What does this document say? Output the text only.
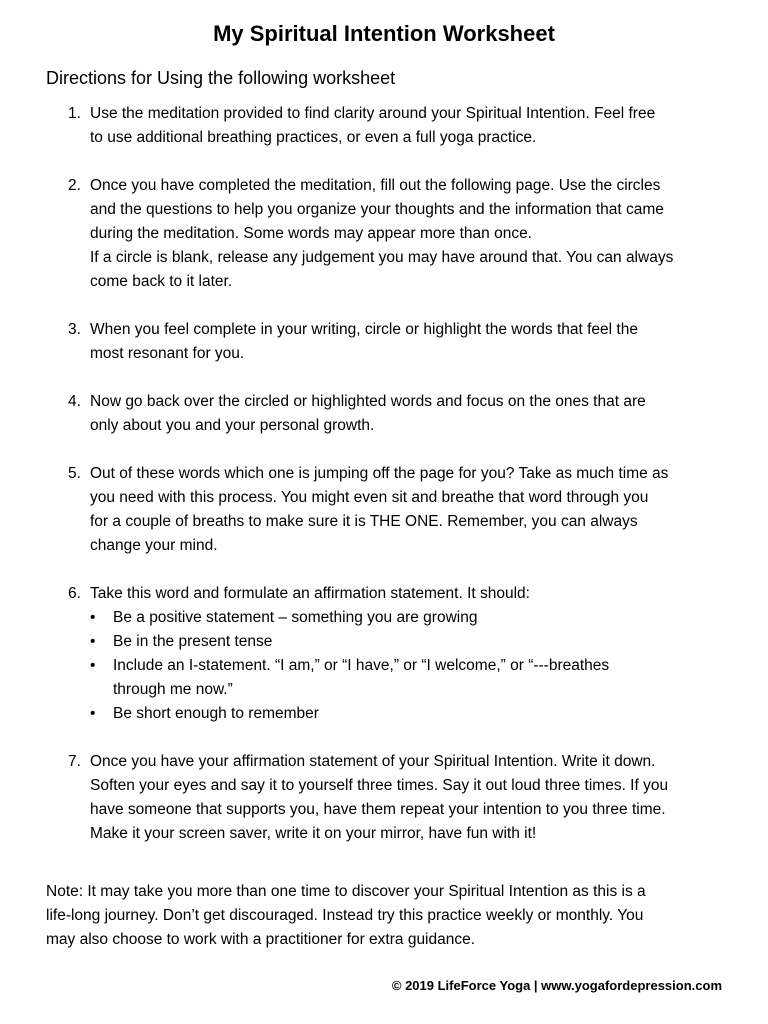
My Spiritual Intention Worksheet
Directions for Using the following worksheet
1. Use the meditation provided to find clarity around your Spiritual Intention. Feel free
to use additional breathing practices, or even a full yoga practice.
2. Once you have completed the meditation, fill out the following page. Use the circles
and the questions to help you organize your thoughts and the information that came
during the meditation. Some words may appear more than once.
If a circle is blank, release any judgement you may have around that. You can always
come back to it later.
3. When you feel complete in your writing, circle or highlight the words that feel the
most resonant for you.
4. Now go back over the circled or highlighted words and focus on the ones that are
only about you and your personal growth.
5. Out of these words which one is jumping off the page for you? Take as much time as
you need with this process. You might even sit and breathe that word through you
for a couple of breaths to make sure it is THE ONE. Remember, you can always
change your mind.
6. Take this word and formulate an affirmation statement. It should:
• Be a positive statement – something you are growing
• Be in the present tense
• Include an I-statement. “I am,” or “I have,” or “I welcome,” or “---breathes
through me now.”
• Be short enough to remember
7. Once you have your affirmation statement of your Spiritual Intention. Write it down.
Soften your eyes and say it to yourself three times. Say it out loud three times. If you
have someone that supports you, have them repeat your intention to you three time.
Make it your screen saver, write it on your mirror, have fun with it!
Note: It may take you more than one time to discover your Spiritual Intention as this is a
life-long journey. Don’t get discouraged. Instead try this practice weekly or monthly. You
may also choose to work with a practitioner for extra guidance.
© 2019 LifeForce Yoga | www.yogafordepression.com
